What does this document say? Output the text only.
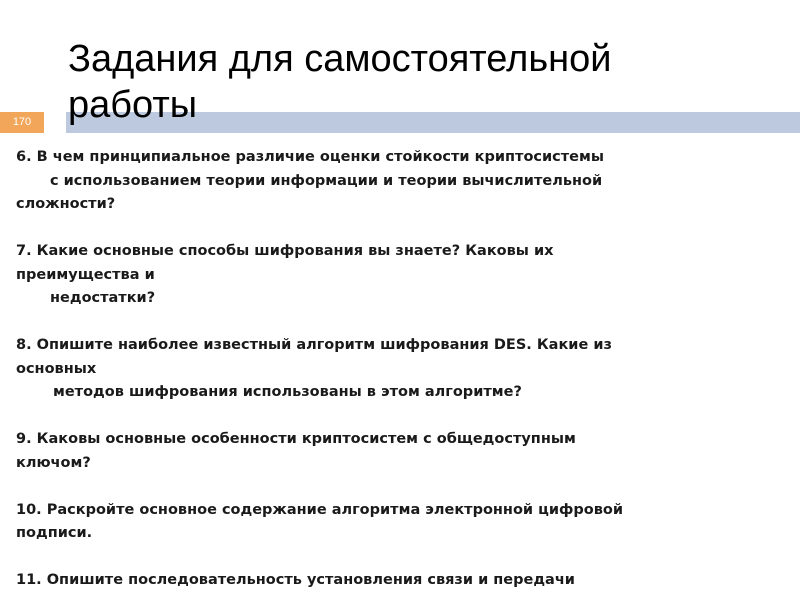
Задания для самостоятельной
работы
170
6. В чем принципиальное различие оценки стойкости криптосистемы
с использованием теории информации и теории вычислительной
сложности?
7. Какие основные способы шифрования вы знаете? Каковы их
преимущества и
недостатки?
8. Опишите наиболее известный алгоритм шифрования DES. Какие из
основных
методов шифрования использованы в этом алгоритме?
9. Каковы основные особенности криптосистем с общедоступным
ключом?
10. Раскройте основное содержание алгоритма электронной цифровой
подписи.
11. Опишите последовательность установления связи и передачи
